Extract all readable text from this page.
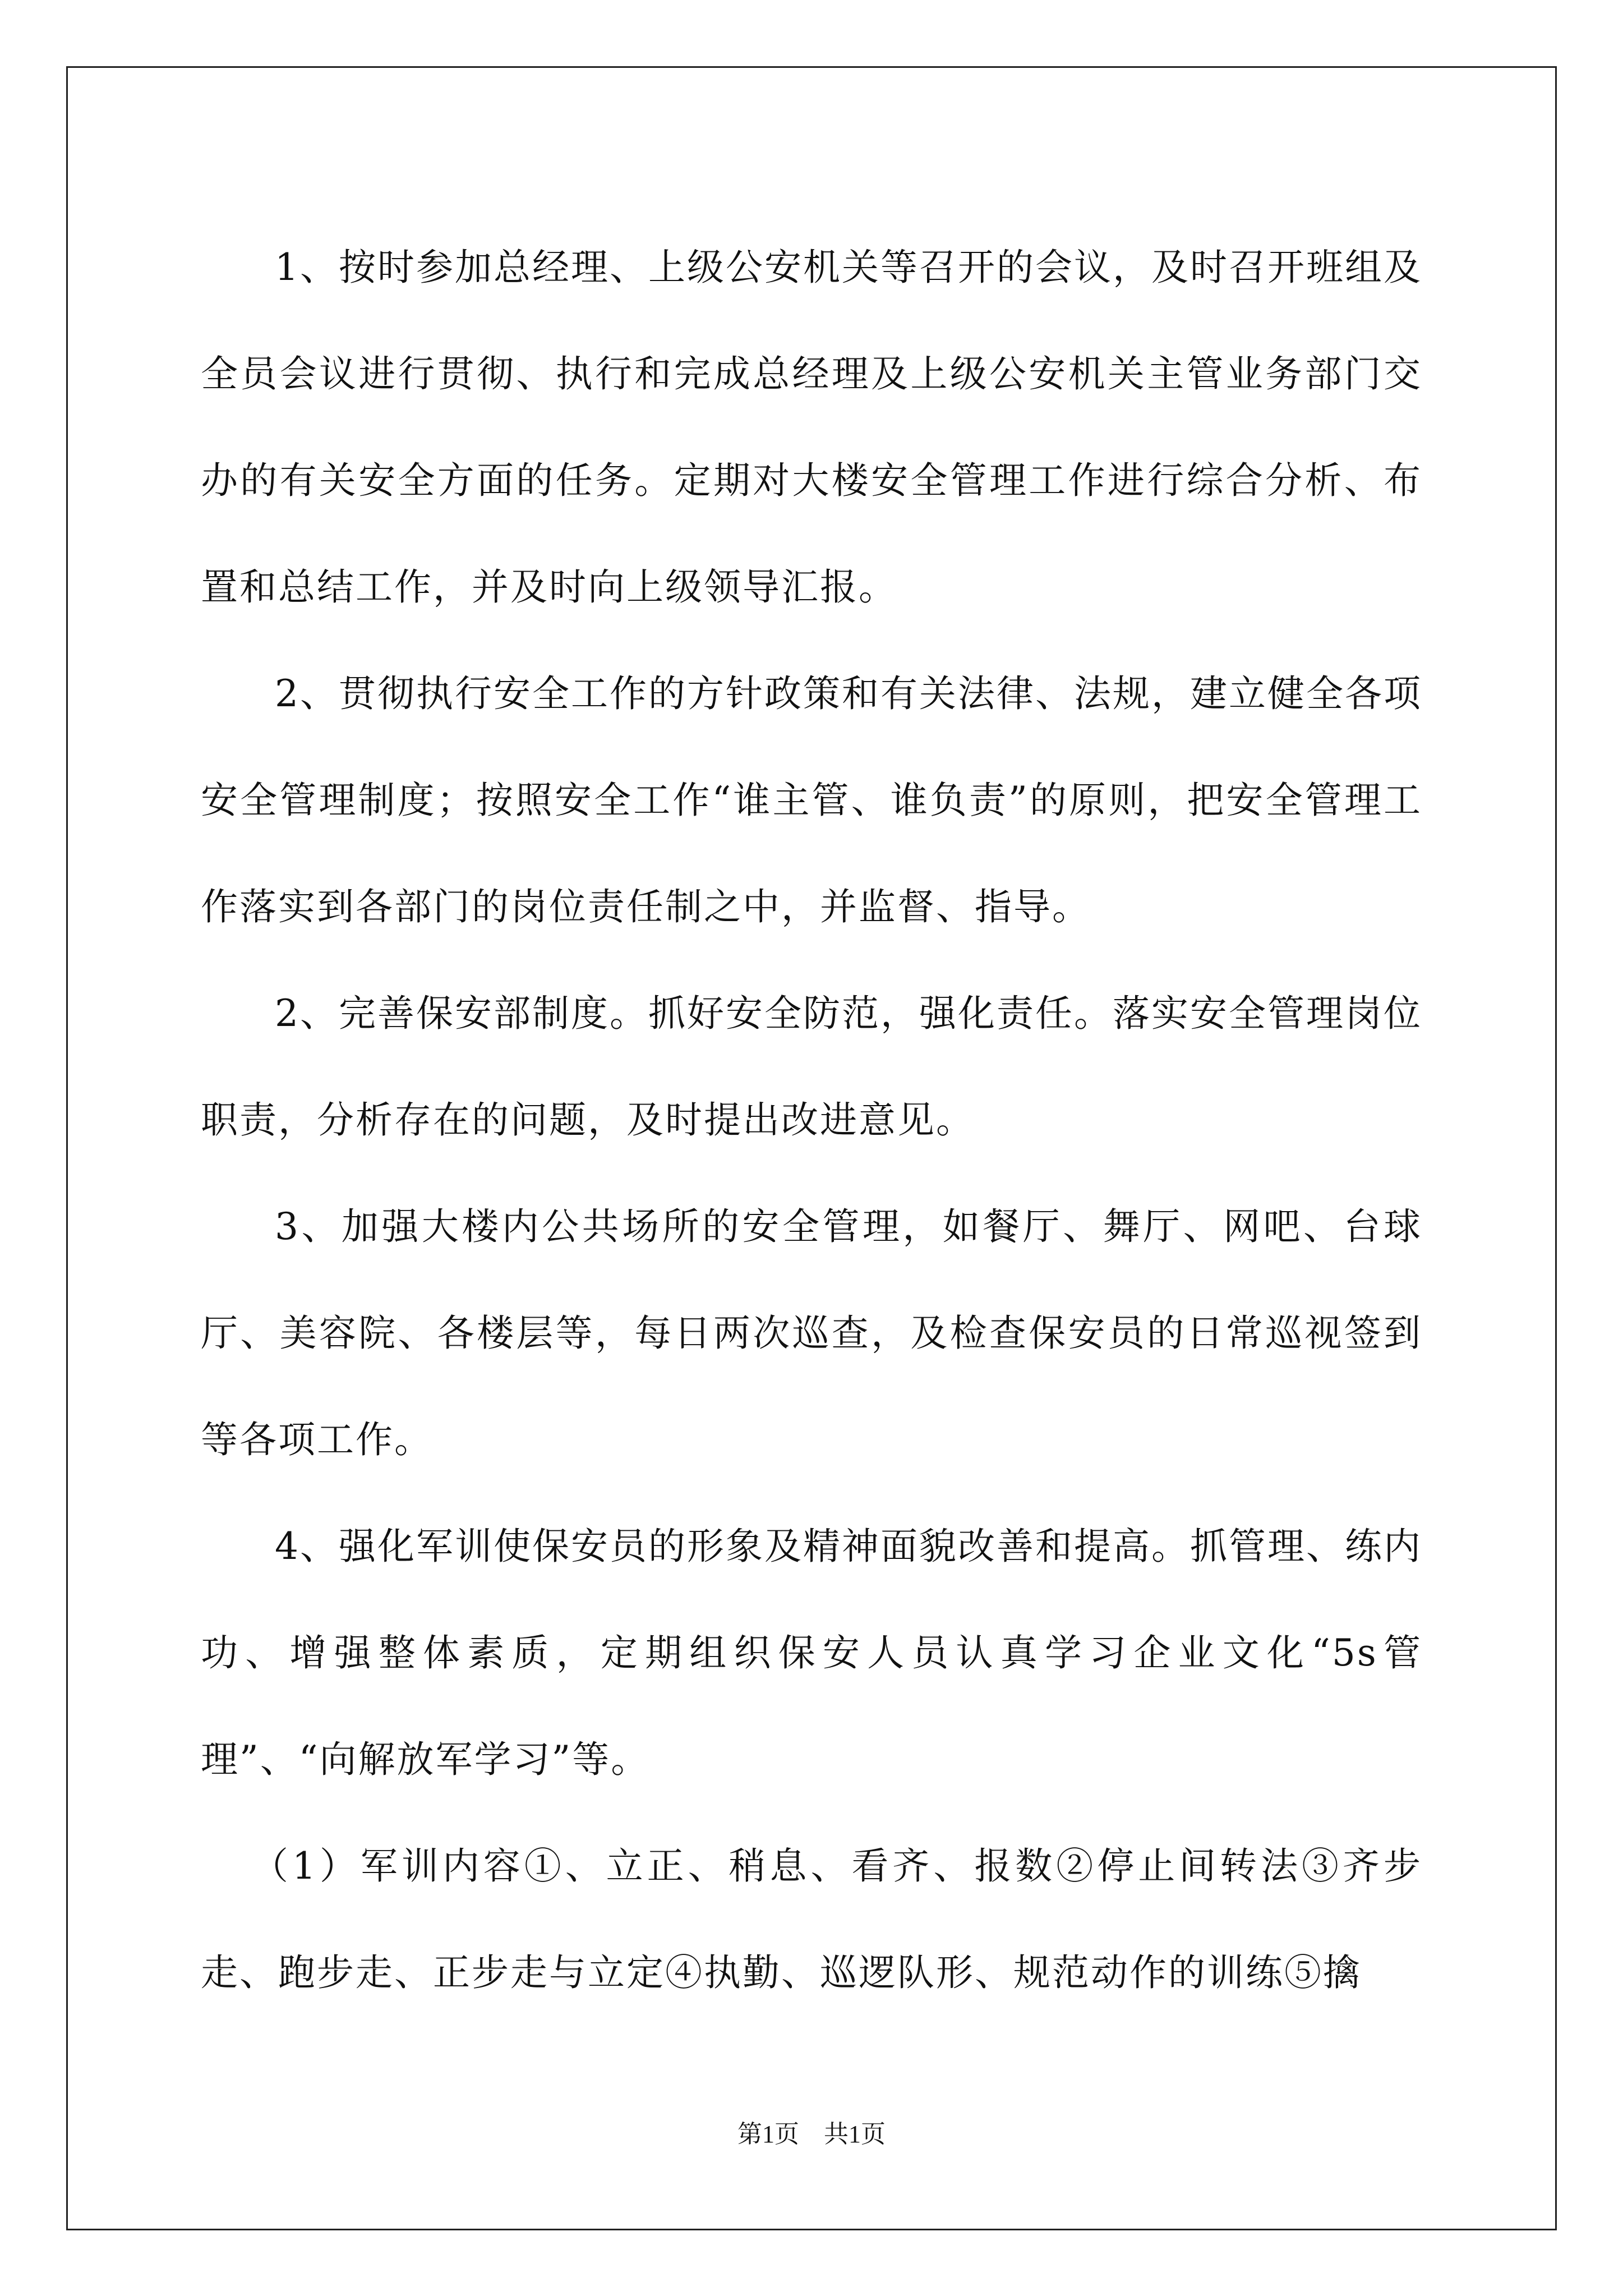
1、按时参加总经理、上级公安机关等召开的会议，及时召开班组及全员会议进行贯彻、执行和完成总经理及上级公安机关主管业务部门交办的有关安全方面的任务。定期对大楼安全管理工作进行综合分析、布置和总结工作，并及时向上级领导汇报。

2、贯彻执行安全工作的方针政策和有关法律、法规，建立健全各项安全管理制度；按照安全工作“谁主管、谁负责”的原则，把安全管理工作落实到各部门的岗位责任制之中，并监督、指导。

2、完善保安部制度。抓好安全防范，强化责任。落实安全管理岗位职责，分析存在的问题，及时提出改进意见。

3、加强大楼内公共场所的安全管理，如餐厅、舞厅、网吧、台球厅、美容院、各楼层等，每日两次巡查，及检查保安员的日常巡视签到等各项工作。

4、强化军训使保安员的形象及精神面貌改善和提高。抓管理、练内功、增强整体素质，定期组织保安人员认真学习企业文化“5s管理”、“向解放军学习”等。

（1）军训内容①、立正、稍息、看齐、报数②停止间转法③齐步走、跑步走、正步走与立定④执勤、巡逻队形、规范动作的训练⑤擒

第1页 共1页
